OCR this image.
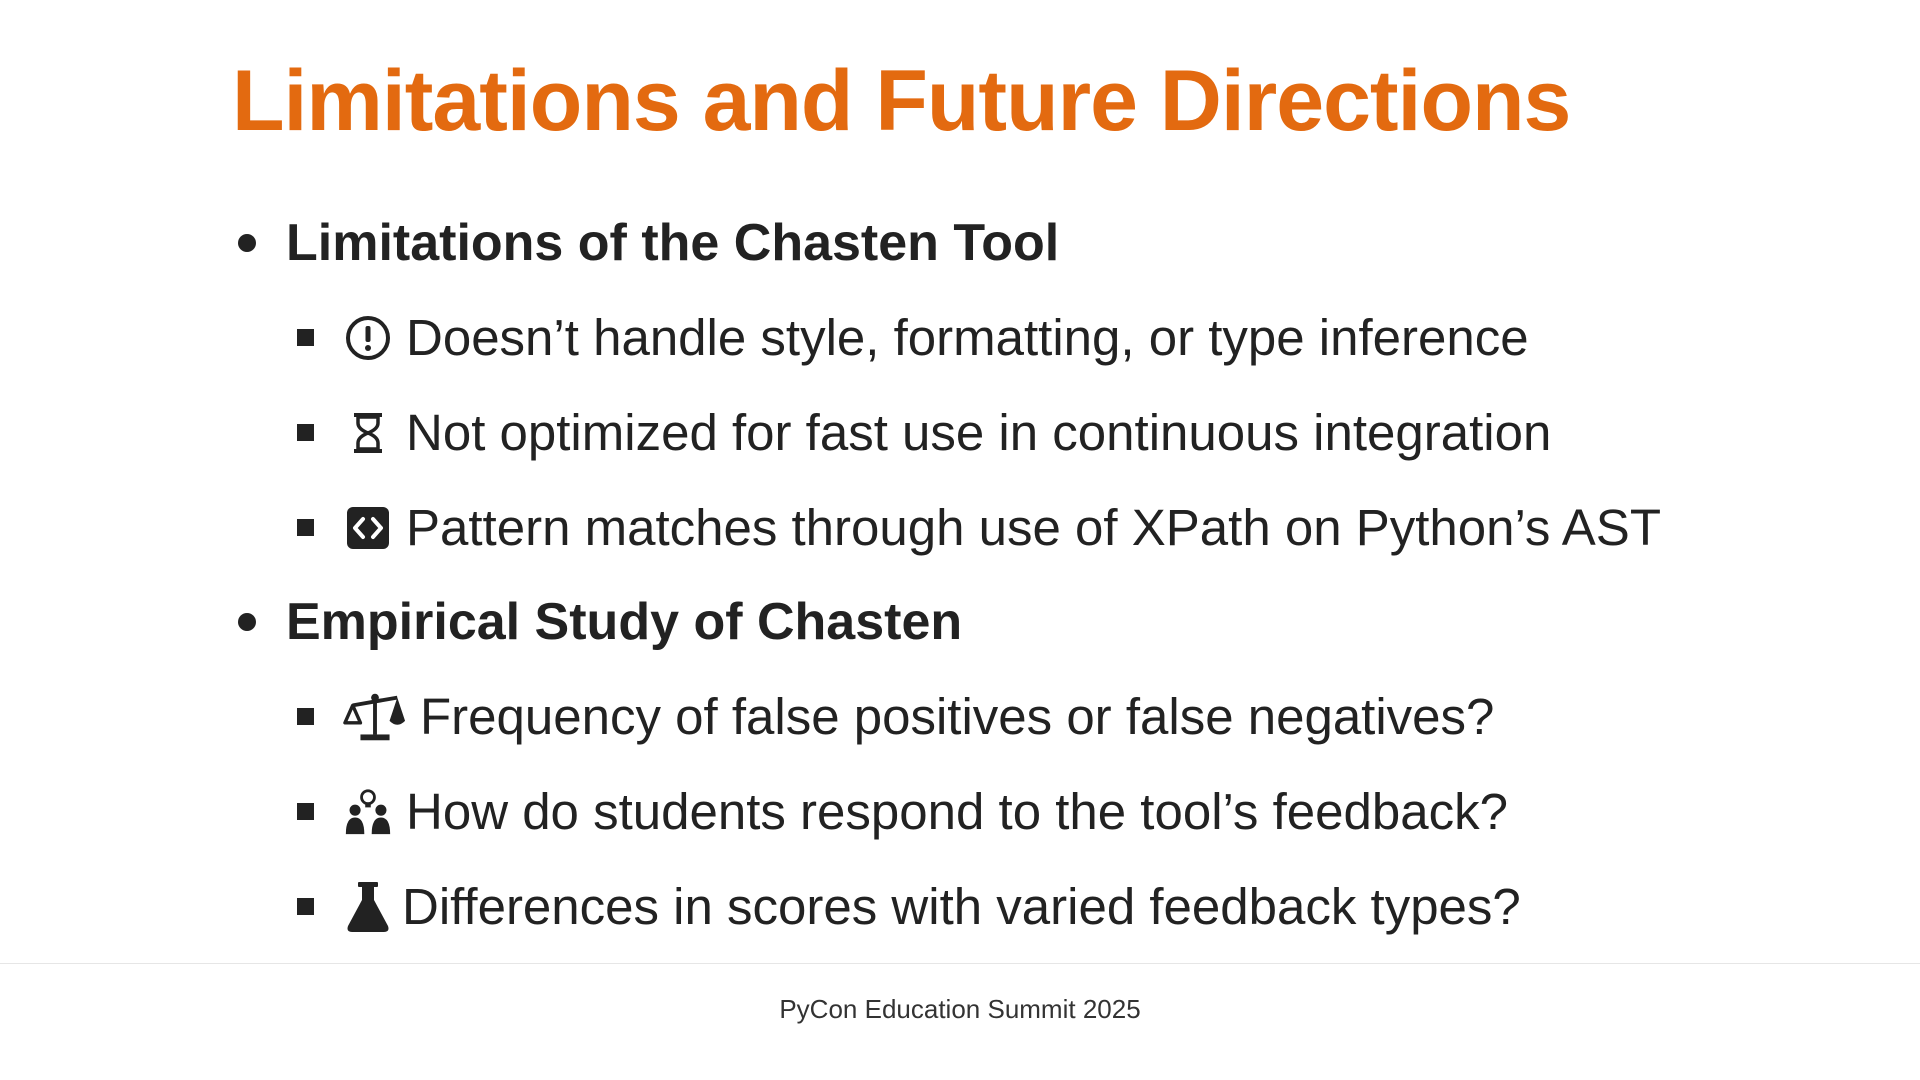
Limitations and Future Directions
Limitations of the Chasten Tool
Doesn’t handle style, formatting, or type inference
Not optimized for fast use in continuous integration
Pattern matches through use of XPath on Python’s AST
Empirical Study of Chasten
Frequency of false positives or false negatives?
How do students respond to the tool’s feedback?
Differences in scores with varied feedback types?
PyCon Education Summit 2025
